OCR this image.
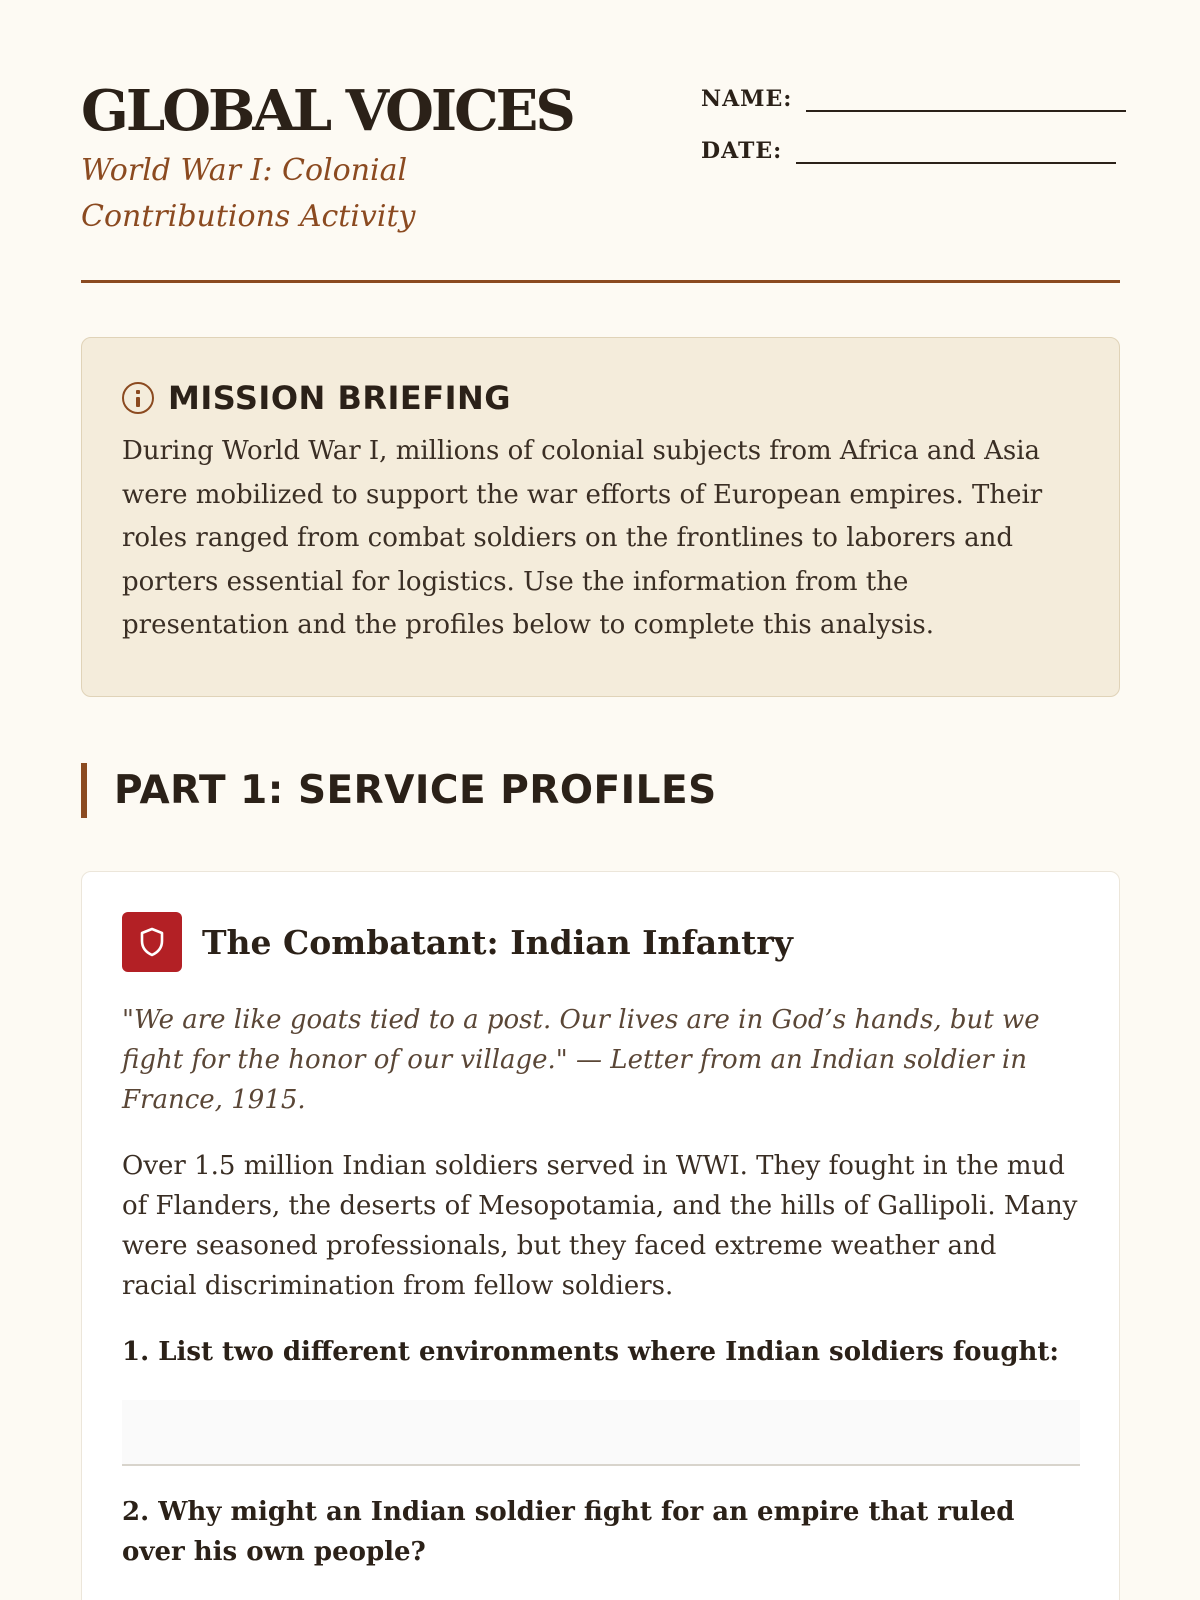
GLOBAL VOICES
World War I: Colonial Contributions Activity
NAME:
DATE:
MISSION BRIEFING

During World War I, millions of colonial subjects from Africa and Asia were mobilized to support the war efforts of European empires. Their roles ranged from combat soldiers on the frontlines to laborers and porters essential for logistics. Use the information from the presentation and the profiles below to complete this analysis.

PART 1: SERVICE PROFILES
The Combatant: Indian Infantry

"We are like goats tied to a post. Our lives are in God’s hands, but we fight for the honor of our village." — Letter from an Indian soldier in France, 1915.

Over 1.5 million Indian soldiers served in WWI. They fought in the mud of Flanders, the deserts of Mesopotamia, and the hills of Gallipoli. Many were seasoned professionals, but they faced extreme weather and racial discrimination from fellow soldiers.

1. List two different environments where Indian soldiers fought:

2. Why might an Indian soldier fight for an empire that ruled over his own people?
